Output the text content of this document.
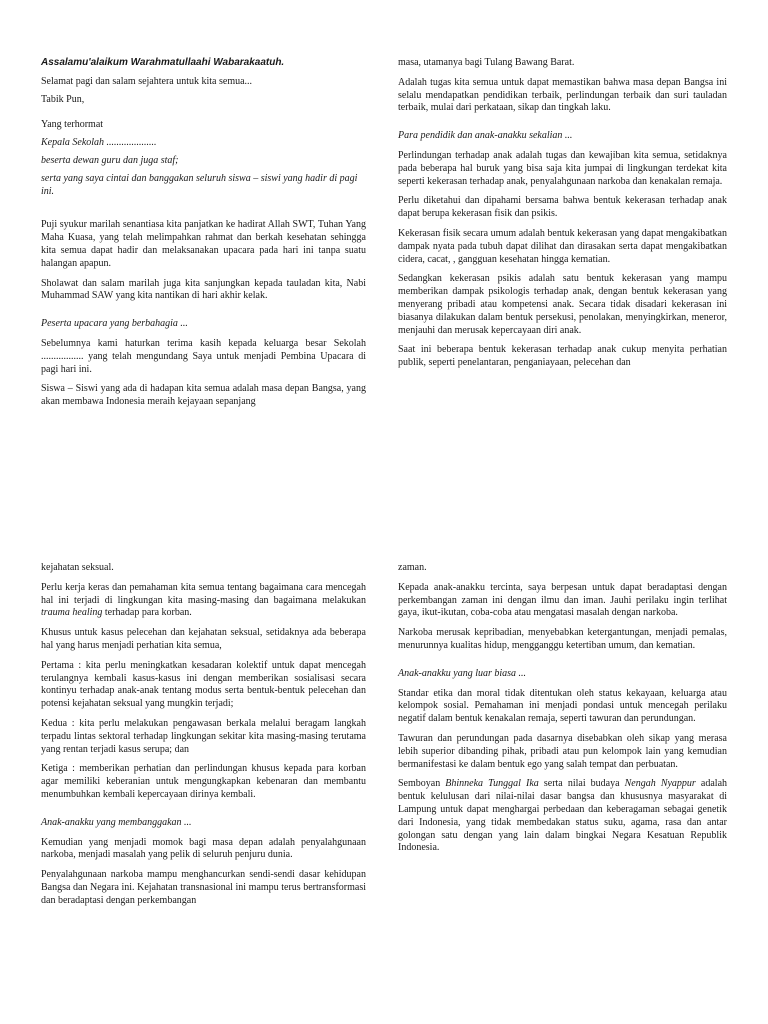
Assalamu'alaikum Warahmatullaahi Wabarakaatuh.

Selamat pagi dan salam sejahtera untuk kita semua...

Tabik Pun,

Yang terhormat

Kepala Sekolah ....................

beserta dewan guru dan juga staf;

serta yang saya cintai dan banggakan seluruh siswa – siswi yang hadir di pagi ini.

Puji syukur marilah senantiasa kita panjatkan ke hadirat Allah SWT, Tuhan Yang Maha Kuasa, yang telah melimpahkan rahmat dan berkah kesehatan sehingga kita semua dapat hadir dan melaksanakan upacara pada hari ini tanpa suatu halangan apapun.

Sholawat dan salam marilah juga kita sanjungkan kepada tauladan kita, Nabi Muhammad SAW yang kita nantikan di hari akhir kelak.

Peserta upacara yang berbahagia ...

Sebelumnya kami haturkan terima kasih kepada keluarga besar Sekolah ................. yang telah mengundang Saya untuk menjadi Pembina Upacara di pagi hari ini.

Siswa – Siswi yang ada di hadapan kita semua adalah masa depan Bangsa, yang akan membawa Indonesia meraih kejayaan sepanjang

masa, utamanya bagi Tulang Bawang Barat.

Adalah tugas kita semua untuk dapat memastikan bahwa masa depan Bangsa ini selalu mendapatkan pendidikan terbaik, perlindungan terbaik dan suri tauladan terbaik, mulai dari perkataan, sikap dan tingkah laku.

Para pendidik dan anak-anakku sekalian ...

Perlindungan terhadap anak adalah tugas dan kewajiban kita semua, setidaknya pada beberapa hal buruk yang bisa saja kita jumpai di lingkungan terdekat kita seperti kekerasan terhadap anak, penyalahgunaan narkoba dan kenakalan remaja.

Perlu diketahui dan dipahami bersama bahwa bentuk kekerasan terhadap anak dapat berupa kekerasan fisik dan psikis.

Kekerasan fisik secara umum adalah bentuk kekerasan yang dapat mengakibatkan dampak nyata pada tubuh dapat dilihat dan dirasakan serta dapat mengakibatkan cidera, cacat, , gangguan kesehatan hingga kematian.

Sedangkan kekerasan psikis adalah satu bentuk kekerasan yang mampu memberikan dampak psikologis terhadap anak, dengan bentuk kekerasan yang menyerang pribadi atau kompetensi anak. Secara tidak disadari kekerasan ini biasanya dilakukan dalam bentuk persekusi, penolakan, menyingkirkan, meneror, menjauhi dan merusak kepercayaan diri anak.

Saat ini beberapa bentuk kekerasan terhadap anak cukup menyita perhatian publik, seperti penelantaran, penganiayaan, pelecehan dan

kejahatan seksual.

Perlu kerja keras dan pemahaman kita semua tentang bagaimana cara mencegah hal ini terjadi di lingkungan kita masing-masing dan bagaimana melakukan trauma healing terhadap para korban.

Khusus untuk kasus pelecehan dan kejahatan seksual, setidaknya ada beberapa hal yang harus menjadi perhatian kita semua,

Pertama : kita perlu meningkatkan kesadaran kolektif untuk dapat mencegah terulangnya kembali kasus-kasus ini dengan memberikan sosialisasi secara kontinyu terhadap anak-anak tentang modus serta bentuk-bentuk pelecehan dan potensi kejahatan seksual yang mungkin terjadi;

Kedua : kita perlu melakukan pengawasan berkala melalui beragam langkah terpadu lintas sektoral terhadap lingkungan sekitar kita masing-masing terutama yang rentan terjadi kasus serupa; dan

Ketiga : memberikan perhatian dan perlindungan khusus kepada para korban agar memiliki keberanian untuk mengungkapkan kebenaran dan membantu menumbuhkan kembali kepercayaan dirinya kembali.

Anak-anakku yang membanggakan ...

Kemudian yang menjadi momok bagi masa depan adalah penyalahgunaan narkoba, menjadi masalah yang pelik di seluruh penjuru dunia.

Penyalahgunaan narkoba mampu menghancurkan sendi-sendi dasar kehidupan Bangsa dan Negara ini. Kejahatan transnasional ini mampu terus bertransformasi dan beradaptasi dengan perkembangan

zaman.

Kepada anak-anakku tercinta, saya berpesan untuk dapat beradaptasi dengan perkembangan zaman ini dengan ilmu dan iman. Jauhi perilaku ingin terlihat gaya, ikut-ikutan, coba-coba atau mengatasi masalah dengan narkoba.

Narkoba merusak kepribadian, menyebabkan ketergantungan, menjadi pemalas, menurunnya kualitas hidup, mengganggu ketertiban umum, dan kematian.

Anak-anakku yang luar biasa ...

Standar etika dan moral tidak ditentukan oleh status kekayaan, keluarga atau kelompok sosial. Pemahaman ini menjadi pondasi untuk mencegah perilaku negatif dalam bentuk kenakalan remaja, seperti tawuran dan perundungan.

Tawuran dan perundungan pada dasarnya disebabkan oleh sikap yang merasa lebih superior dibanding pihak, pribadi atau pun kelompok lain yang kemudian bermanifestasi ke dalam bentuk ego yang salah tempat dan perbuatan.

Semboyan Bhinneka Tunggal Ika serta nilai budaya Nengah Nyappur adalah bentuk kelulusan dari nilai-nilai dasar bangsa dan khususnya masyarakat di Lampung untuk dapat menghargai perbedaan dan keberagaman sebagai genetik dari Indonesia, yang tidak membedakan status suku, agama, rasa dan antar golongan satu dengan yang lain dalam bingkai Negara Kesatuan Republik Indonesia.
